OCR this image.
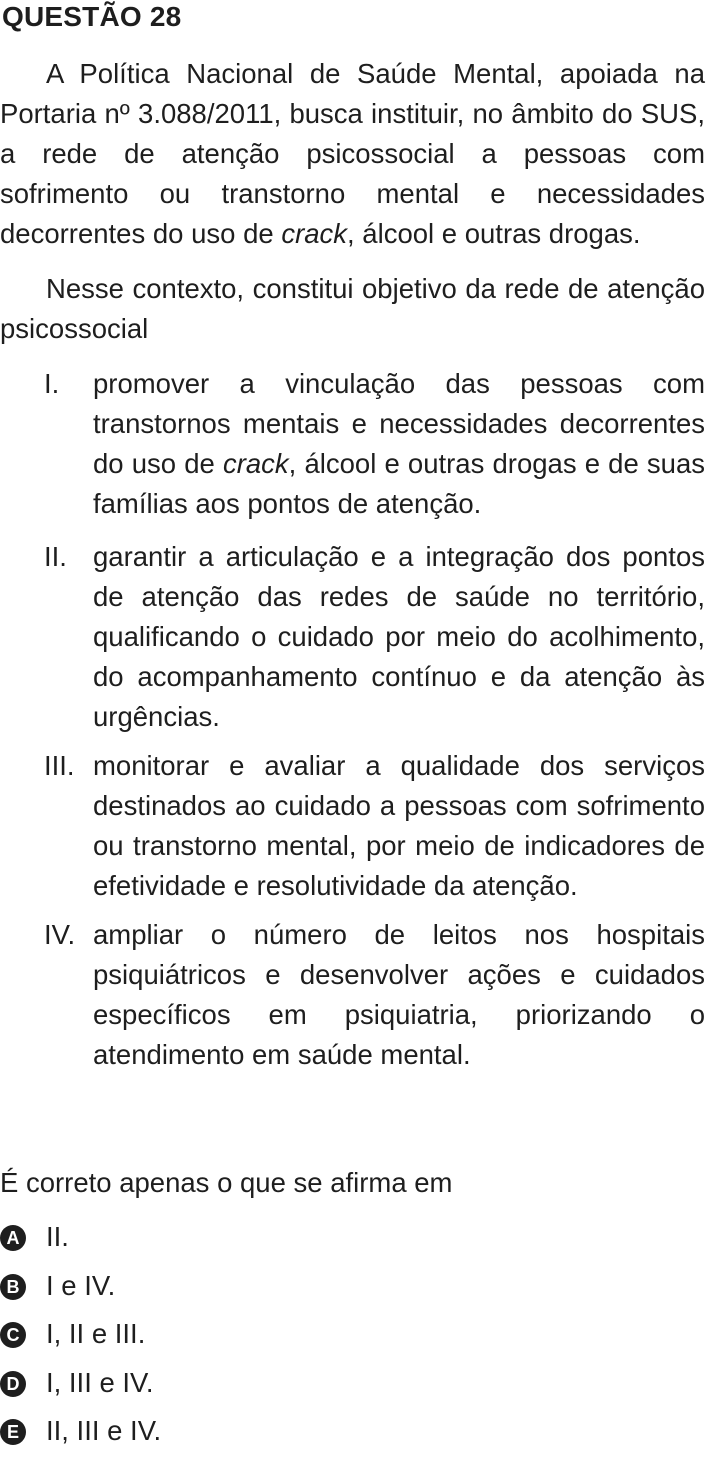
QUESTÃO 28
A Política Nacional de Saúde Mental, apoiada na Portaria nº 3.088/2011, busca instituir, no âmbito do SUS, a rede de atenção psicossocial a pessoas com sofrimento ou transtorno mental e necessidades decorrentes do uso de crack, álcool e outras drogas.
Nesse contexto, constitui objetivo da rede de atenção psicossocial
I. promover a vinculação das pessoas com transtornos mentais e necessidades decorrentes do uso de crack, álcool e outras drogas e de suas famílias aos pontos de atenção.
II. garantir a articulação e a integração dos pontos de atenção das redes de saúde no território, qualificando o cuidado por meio do acolhimento, do acompanhamento contínuo e da atenção às urgências.
III. monitorar e avaliar a qualidade dos serviços destinados ao cuidado a pessoas com sofrimento ou transtorno mental, por meio de indicadores de efetividade e resolutividade da atenção.
IV. ampliar o número de leitos nos hospitais psiquiátricos e desenvolver ações e cuidados específicos em psiquiatria, priorizando o atendimento em saúde mental.
É correto apenas o que se afirma em
A II.
B I e IV.
C I, II e III.
D I, III e IV.
E II, III e IV.
